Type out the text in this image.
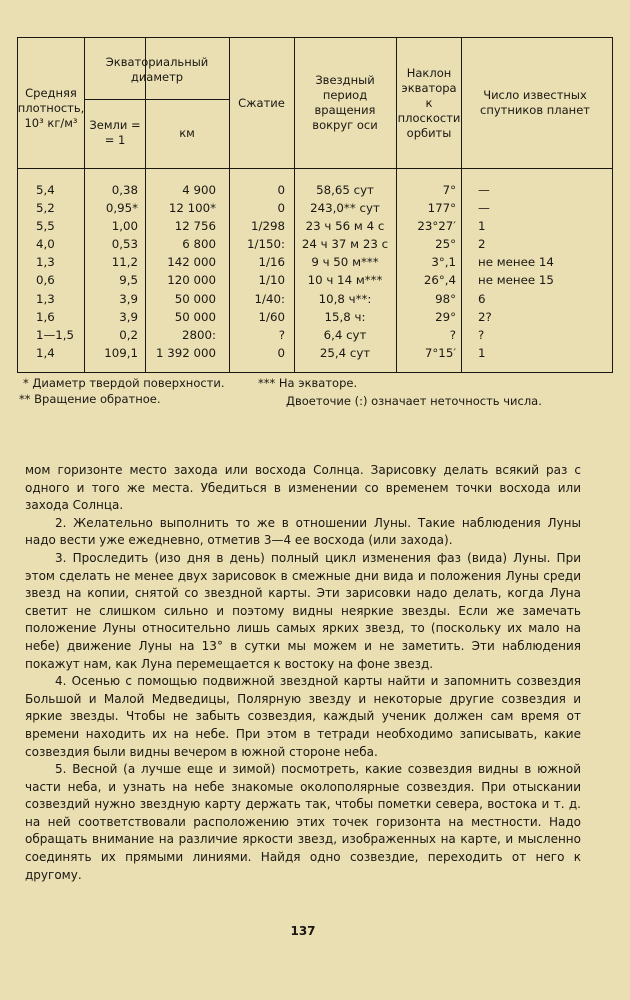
Средняя плотность, 10³ кг/м³
Экваториальный диаметр
Земли = = 1
км
Сжатие
Звездный период вращения вокруг оси
Наклон экватора к плоскости орбиты
Число известных спутников планет
5,4
5,2
5,5
4,0
1,3
0,6
1,3
1,6
1—1,5
1,4
0,38
0,95*
1,00
0,53
11,2
9,5
3,9
3,9
0,2
109,1
4 900
12 100*
12 756
6 800
142 000
120 000
50 000
50 000
2800:
1 392 000
0
0
1/298
1/150:
1/16
1/10
1/40:
1/60
?
0
58,65 сут
243,0** сут
23 ч 56 м 4 с
24 ч 37 м 23 с
9 ч 50 м***
10 ч 14 м***
10,8 ч**:
15,8 ч:
6,4 сут
25,4 сут
7°
177°
23°27′
25°
3°,1
26°,4
98°
29°
?
7°15′
—
—
1
2
не менее 14
не менее 15
6
2?
?
1
* Диаметр твердой поверхности.
** Вращение обратное.
*** На экваторе.
Двоеточие (:) означает неточность числа.

мом горизонте место захода или восхода Солнца. Зарисовку делать всякий раз с одного и того же места. Убедиться в изменении со временем точки восхода или захода Солнца.

2. Желательно выполнить то же в отношении Луны. Такие наблюдения Луны надо вести уже ежедневно, отметив 3—4 ее восхода (или захода).

3. Проследить (изо дня в день) полный цикл изменения фаз (вида) Луны. При этом сделать не менее двух зарисовок в смежные дни вида и положения Луны среди звезд на копии, снятой со звездной карты. Эти зарисовки надо делать, когда Луна светит не слишком сильно и поэтому видны неяркие звезды. Если же замечать положение Луны относительно лишь самых ярких звезд, то (поскольку их мало на небе) движение Луны на 13° в сутки мы можем и не заметить. Эти наблюдения покажут нам, как Луна перемещается к востоку на фоне звезд.

4. Осенью с помощью подвижной звездной карты найти и запомнить созвездия Большой и Малой Медведицы, Полярную звезду и некоторые другие созвездия и яркие звезды. Чтобы не забыть созвездия, каждый ученик должен сам время от времени находить их на небе. При этом в тетради необходимо записывать, какие созвездия были видны вечером в южной стороне неба.

5. Весной (а лучше еще и зимой) посмотреть, какие созвездия видны в южной части неба, и узнать на небе знакомые околополярные созвездия. При отыскании созвездий нужно звездную карту держать так, чтобы пометки севера, востока и т. д. на ней соответствовали расположению этих точек горизонта на местности. Надо обращать внимание на различие яркости звезд, изображенных на карте, и мысленно соединять их прямыми линиями. Найдя одно созвездие, переходить от него к другому.

137
